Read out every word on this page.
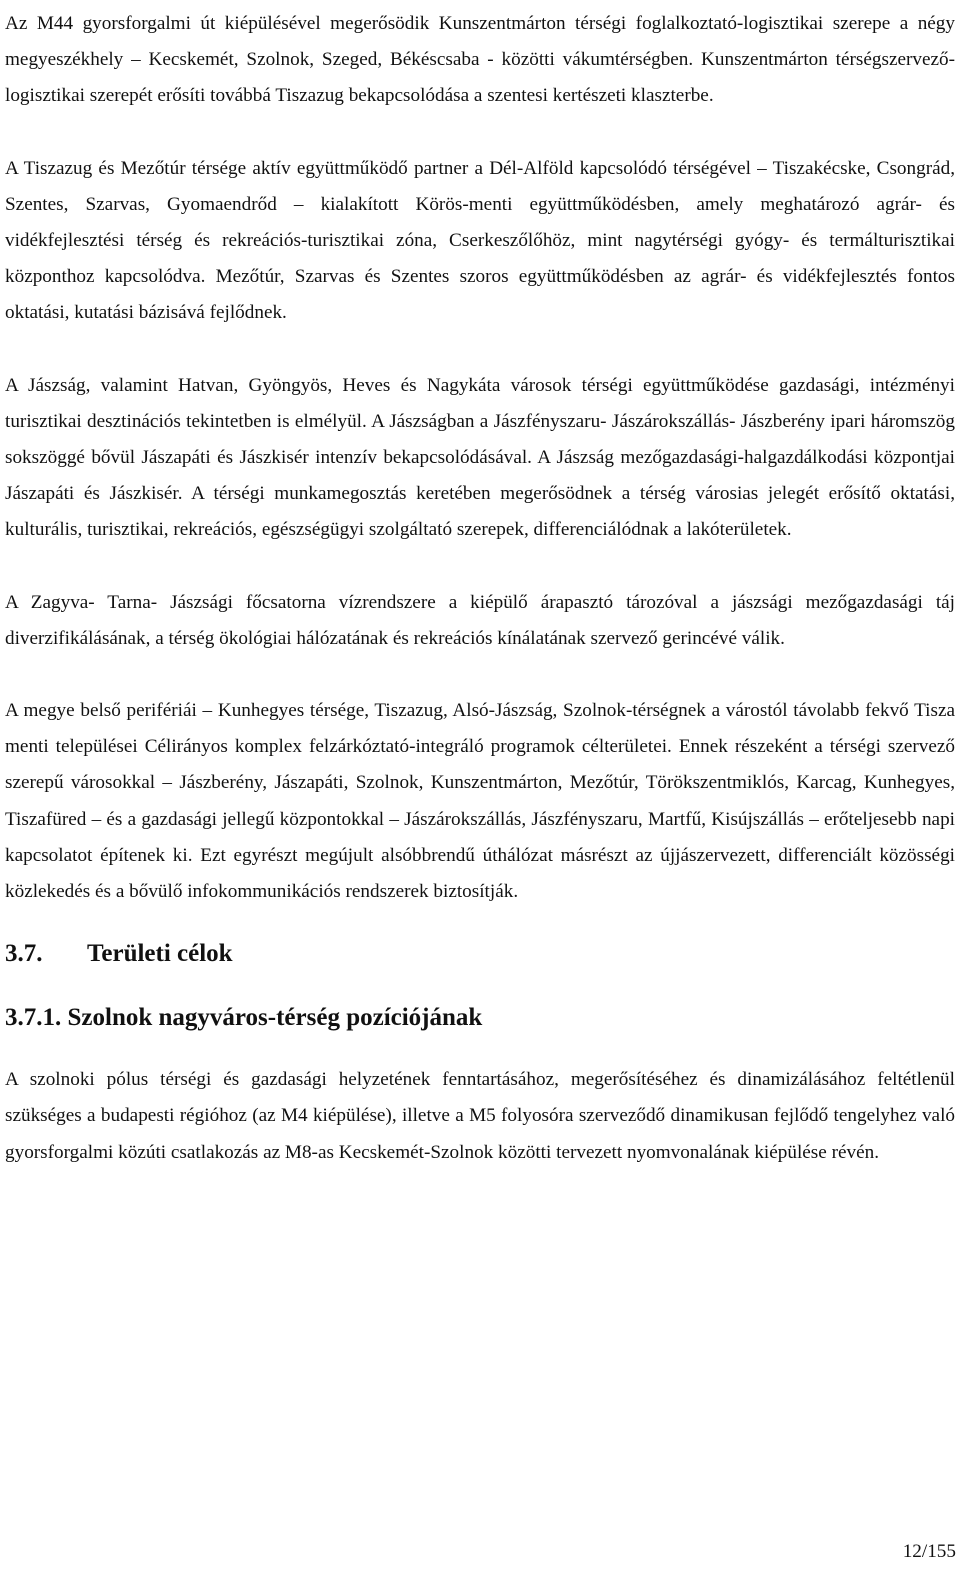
Az M44 gyorsforgalmi út kiépülésével megerősödik Kunszentmárton térségi foglalkoztató-logisztikai szerepe a négy megyeszékhely – Kecskemét, Szolnok, Szeged, Békéscsaba - közötti vákumtérségben. Kunszentmárton térségszervező-logisztikai szerepét erősíti továbbá Tiszazug bekapcsolódása a szentesi kertészeti klaszterbe.

A Tiszazug és Mezőtúr térsége aktív együttműködő partner a Dél-Alföld kapcsolódó térségével – Tiszakécske, Csongrád, Szentes, Szarvas, Gyomaendrőd – kialakított Körös-menti együttműködésben, amely meghatározó agrár- és vidékfejlesztési térség és rekreációs-turisztikai zóna, Cserkeszőlőhöz, mint nagytérségi gyógy- és termálturisztikai központhoz kapcsolódva. Mezőtúr, Szarvas és Szentes szoros együttműködésben az agrár- és vidékfejlesztés fontos oktatási, kutatási bázisává fejlődnek.

A Jászság, valamint Hatvan, Gyöngyös, Heves és Nagykáta városok térségi együttműködése gazdasági, intézményi turisztikai desztinációs tekintetben is elmélyül. A Jászságban a Jászfényszaru- Jászárokszállás- Jászberény ipari háromszög sokszöggé bővül Jászapáti és Jászkisér intenzív bekapcsolódásával. A Jászság mezőgazdasági-halgazdálkodási központjai Jászapáti és Jászkisér. A térségi munkamegosztás keretében megerősödnek a térség városias jelegét erősítő oktatási, kulturális, turisztikai, rekreációs, egészségügyi szolgáltató szerepek, differenciálódnak a lakóterületek.

A Zagyva- Tarna- Jászsági főcsatorna vízrendszere a kiépülő árapasztó tározóval a jászsági mezőgazdasági táj diverzifikálásának, a térség ökológiai hálózatának és rekreációs kínálatának szervező gerincévé válik.

A megye belső perifériái – Kunhegyes térsége, Tiszazug, Alsó-Jászság, Szolnok-térségnek a várostól távolabb fekvő Tisza menti települései Célirányos komplex felzárkóztató-integráló programok célterületei. Ennek részeként a térségi szervező szerepű városokkal – Jászberény, Jászapáti, Szolnok, Kunszentmárton, Mezőtúr, Törökszentmiklós, Karcag, Kunhegyes, Tiszafüred – és a gazdasági jellegű központokkal – Jászárokszállás, Jászfényszaru, Martfű, Kisújszállás – erőteljesebb napi kapcsolatot építenek ki. Ezt egyrészt megújult alsóbbrendű úthálózat másrészt az újjászervezett, differenciált közösségi közlekedés és a bővülő infokommunikációs rendszerek biztosítják.

3.7.	Területi célok
3.7.1. Szolnok nagyváros-térség pozíciójának

A szolnoki pólus térségi és gazdasági helyzetének fenntartásához, megerősítéséhez és dinamizálásához feltétlenül szükséges a budapesti régióhoz (az M4 kiépülése), illetve a M5 folyosóra szerveződő dinamikusan fejlődő tengelyhez való gyorsforgalmi közúti csatlakozás az M8-as Kecskemét-Szolnok közötti tervezett nyomvonalának kiépülése révén.

12/155
